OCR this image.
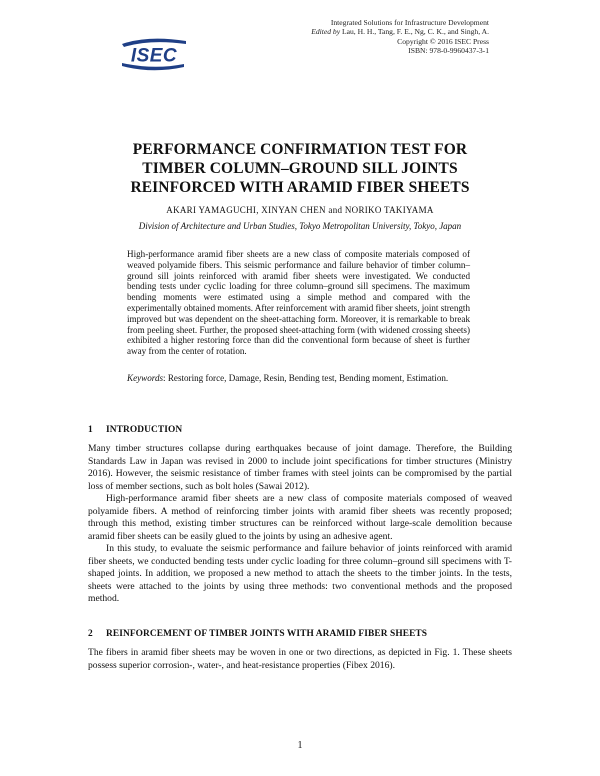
ISEC
Integrated Solutions for Infrastructure Development
Edited by Lau, H. H., Tang, F. E., Ng, C. K., and Singh, A.
Copyright © 2016 ISEC Press
ISBN: 978-0-9960437-3-1
PERFORMANCE CONFIRMATION TEST FOR
TIMBER COLUMN–GROUND SILL JOINTS
REINFORCED WITH ARAMID FIBER SHEETS
AKARI YAMAGUCHI, XINYAN CHEN and NORIKO TAKIYAMA
Division of Architecture and Urban Studies, Tokyo Metropolitan University, Tokyo, Japan

High-performance aramid fiber sheets are a new class of composite materials composed of weaved polyamide fibers. This seismic performance and failure behavior of timber column–ground sill joints reinforced with aramid fiber sheets were investigated. We conducted bending tests under cyclic loading for three column–ground sill specimens. The maximum bending moments were estimated using a simple method and compared with the experimentally obtained moments. After reinforcement with aramid fiber sheets, joint strength improved but was dependent on the sheet-attaching form. Moreover, it is remarkable to break from peeling sheet. Further, the proposed sheet-attaching form (with widened crossing sheets) exhibited a higher restoring force than did the conventional form because of sheet is further away from the center of rotation.

Keywords: Restoring force, Damage, Resin, Bending test, Bending moment, Estimation.

1 INTRODUCTION

Many timber structures collapse during earthquakes because of joint damage. Therefore, the Building Standards Law in Japan was revised in 2000 to include joint specifications for timber structures (Ministry 2016). However, the seismic resistance of timber frames with steel joints can be compromised by the partial loss of member sections, such as bolt holes (Sawai 2012).

High-performance aramid fiber sheets are a new class of composite materials composed of weaved polyamide fibers. A method of reinforcing timber joints with aramid fiber sheets was recently proposed; through this method, existing timber structures can be reinforced without large-scale demolition because aramid fiber sheets can be easily glued to the joints by using an adhesive agent.

In this study, to evaluate the seismic performance and failure behavior of joints reinforced with aramid fiber sheets, we conducted bending tests under cyclic loading for three column–ground sill specimens with T-shaped joints. In addition, we proposed a new method to attach the sheets to the timber joints. In the tests, sheets were attached to the joints by using three methods: two conventional methods and the proposed method.

2 REINFORCEMENT OF TIMBER JOINTS WITH ARAMID FIBER SHEETS

The fibers in aramid fiber sheets may be woven in one or two directions, as depicted in Fig. 1. These sheets possess superior corrosion-, water-, and heat-resistance properties (Fibex 2016).

1
